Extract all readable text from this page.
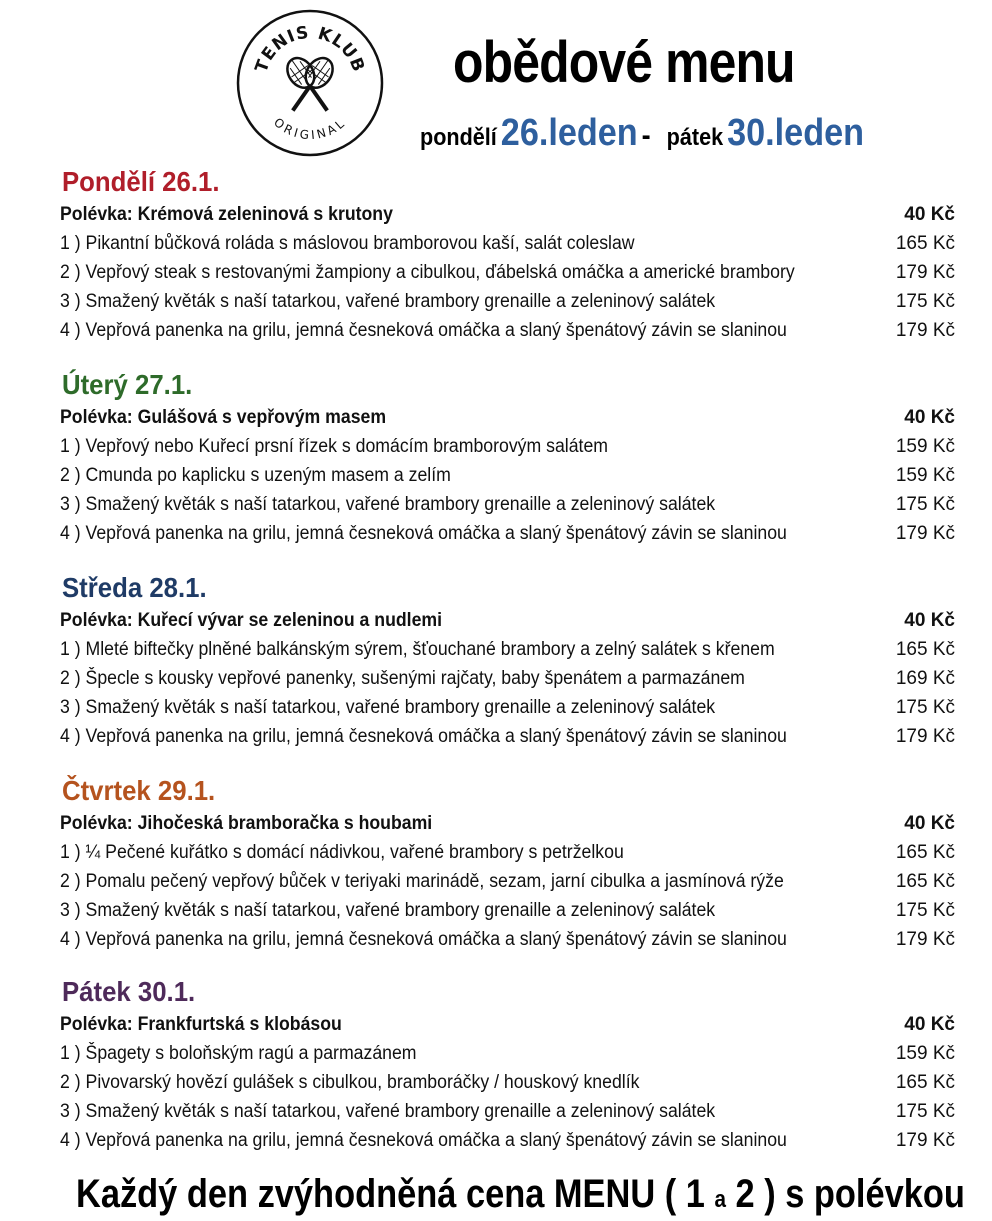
TENIS KLUB
ORIGINAL
obědové menu
pondělí 26.leden - pátek 30.leden
Pondělí 26.1.
Polévka: Krémová zeleninová s krutony	40 Kč
1 ) Pikantní bůčková roláda s máslovou bramborovou kaší, salát coleslaw	165 Kč
2 ) Vepřový steak s restovanými žampiony a cibulkou, ďábelská omáčka a americké brambory	179 Kč
3 ) Smažený květák s naší tatarkou, vařené brambory grenaille a zeleninový salátek	175 Kč
4 ) Vepřová panenka na grilu, jemná česneková omáčka a slaný špenátový závin se slaninou	179 Kč
Úterý 27.1.
Polévka: Gulášová s vepřovým masem	40 Kč
1 ) Vepřový nebo Kuřecí prsní řízek s domácím bramborovým salátem	159 Kč
2 ) Cmunda po kaplicku s uzeným masem a zelím	159 Kč
3 ) Smažený květák s naší tatarkou, vařené brambory grenaille a zeleninový salátek	175 Kč
4 ) Vepřová panenka na grilu, jemná česneková omáčka a slaný špenátový závin se slaninou	179 Kč
Středa 28.1.
Polévka: Kuřecí vývar se zeleninou a nudlemi	40 Kč
1 ) Mleté biftečky plněné balkánským sýrem, šťouchané brambory a zelný salátek s křenem	165 Kč
2 ) Špecle s kousky vepřové panenky, sušenými rajčaty, baby špenátem a parmazánem	169 Kč
3 ) Smažený květák s naší tatarkou, vařené brambory grenaille a zeleninový salátek	175 Kč
4 ) Vepřová panenka na grilu, jemná česneková omáčka a slaný špenátový závin se slaninou	179 Kč
Čtvrtek 29.1.
Polévka: Jihočeská bramboračka s houbami	40 Kč
1 ) ¼ Pečené kuřátko s domácí nádivkou, vařené brambory s petrželkou	165 Kč
2 ) Pomalu pečený vepřový bůček v teriyaki marinádě, sezam, jarní cibulka a jasmínová rýže	165 Kč
3 ) Smažený květák s naší tatarkou, vařené brambory grenaille a zeleninový salátek	175 Kč
4 ) Vepřová panenka na grilu, jemná česneková omáčka a slaný špenátový závin se slaninou	179 Kč
Pátek 30.1.
Polévka: Frankfurtská s klobásou	40 Kč
1 ) Špagety s boloňským ragú a parmazánem	159 Kč
2 ) Pivovarský hovězí guláš​ek s cibulkou, bramboráčky / houskový knedlík	165 Kč
3 ) Smažený květák s naší tatarkou, vařené brambory grenaille a zeleninový salátek	175 Kč
4 ) Vepřová panenka na grilu, jemná česneková omáčka a slaný špenátový závin se slaninou	179 Kč
Každý den zvýhodněná cena MENU ( 1 a 2 ) s polévkou
